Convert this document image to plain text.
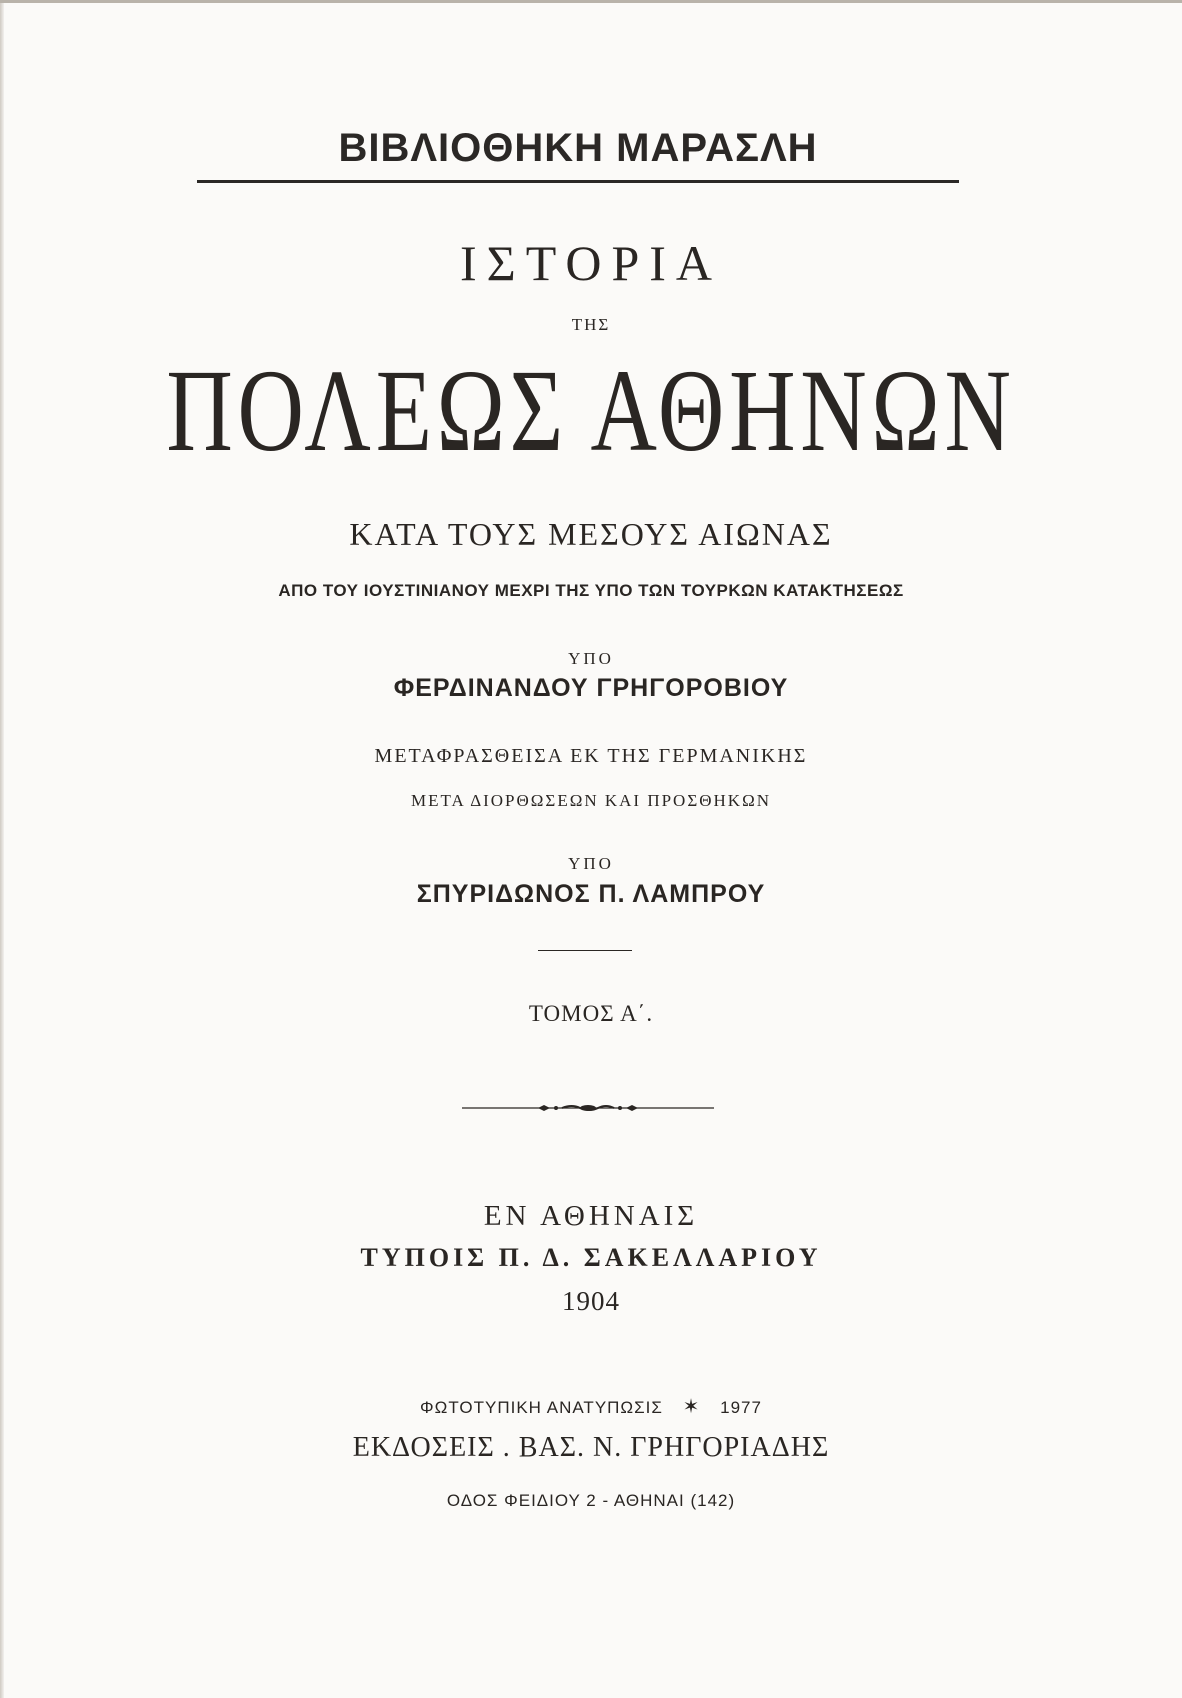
ΒΙΒΛΙΟΘΗΚΗ ΜΑΡΑΣΛΗ
ΙΣΤΟΡΙΑ
ΤΗΣ
ΠΟΛΕΩΣ ΑΘΗΝΩΝ
ΚΑΤΑ ΤΟΥΣ ΜΕΣΟΥΣ ΑΙΩΝΑΣ
ΑΠΟ ΤΟΥ ΙΟΥΣΤΙΝΙΑΝΟΥ ΜΕΧΡΙ ΤΗΣ ΥΠΟ ΤΩΝ ΤΟΥΡΚΩΝ ΚΑΤΑΚΤΗΣΕΩΣ
ΥΠΟ
ΦΕΡΔΙΝΑΝΔΟΥ ΓΡΗΓΟΡΟΒΙΟΥ
ΜΕΤΑΦΡΑΣΘΕΙΣΑ ΕΚ ΤΗΣ ΓΕΡΜΑΝΙΚΗΣ
ΜΕΤΑ ΔΙΟΡΘΩΣΕΩΝ ΚΑΙ ΠΡΟΣΘΗΚΩΝ
ΥΠΟ
ΣΠΥΡΙΔΩΝΟΣ Π. ΛΑΜΠΡΟΥ
ΤΟΜΟΣ Α΄.
ΕΝ ΑΘΗΝΑΙΣ
ΤΥΠΟΙΣ Π. Δ. ΣΑΚΕΛΛΑΡΙΟΥ
1904
ΦΩΤΟΤΥΠΙΚΗ ΑΝΑΤΥΠΩΣΙΣ ✶ 1977
ΕΚΔΟΣΕΙΣ . ΒΑΣ. Ν. ΓΡΗΓΟΡΙΑΔΗΣ
ΟΔΟΣ ΦΕΙΔΙΟΥ 2 - ΑΘΗΝΑΙ (142)
